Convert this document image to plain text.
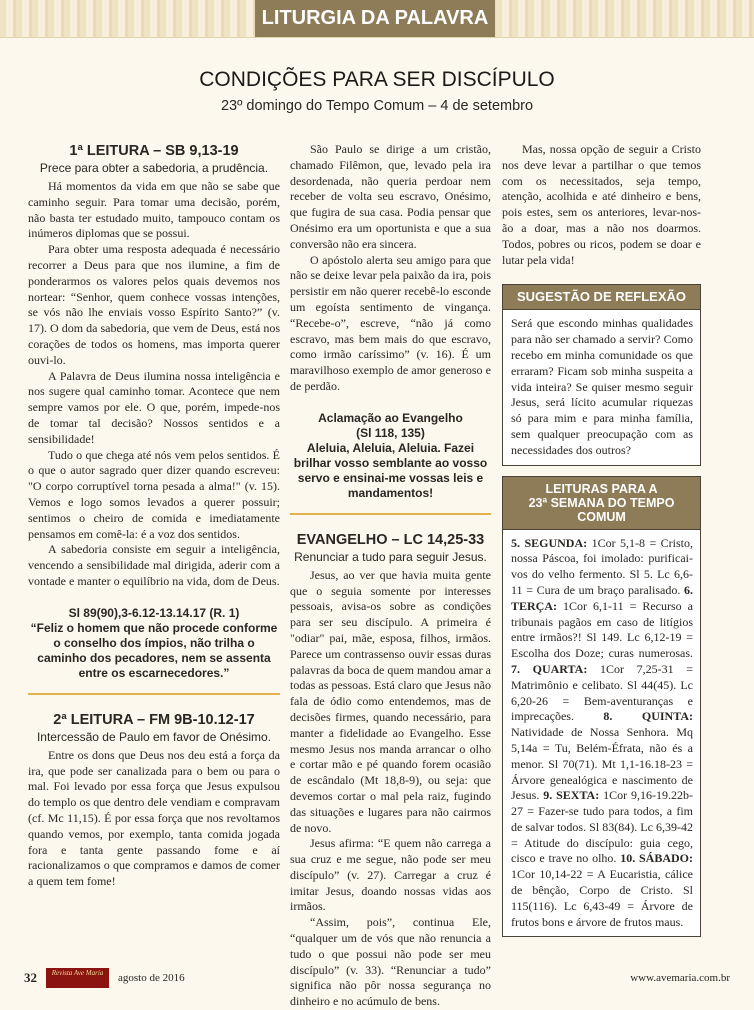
LITURGIA DA PALAVRA
CONDIÇÕES PARA SER DISCÍPULO
23º domingo do Tempo Comum – 4 de setembro
1ª LEITURA – SB 9,13-19
Prece para obter a sabedoria, a prudência.

Há momentos da vida em que não se sabe que caminho seguir. Para tomar uma decisão, porém, não basta ter estudado muito, tampouco contam os inúmeros diplomas que se possui.

Para obter uma resposta adequada é necessário recorrer a Deus para que nos ilumine, a fim de ponderarmos os valores pelos quais devemos nos nortear: “Senhor, quem conhece vossas intenções, se vós não lhe enviais vosso Espírito Santo?” (v. 17). O dom da sabedoria, que vem de Deus, está nos corações de todos os homens, mas importa querer ouvi-lo.

A Palavra de Deus ilumina nossa inteligência e nos sugere qual caminho tomar. Acontece que nem sempre vamos por ele. O que, porém, impede-nos de tomar tal decisão? Nossos sentidos e a sensibilidade!

Tudo o que chega até nós vem pelos sentidos. É o que o autor sagrado quer dizer quando escreveu: "O corpo corruptível torna pesada a alma!" (v. 15). Vemos e logo somos levados a querer possuir; sentimos o cheiro de comida e imediatamente pensamos em comê-la: é a voz dos sentidos.

A sabedoria consiste em seguir a inteligência, vencendo a sensibilidade mal dirigida, aderir com a vontade e manter o equilíbrio na vida, dom de Deus.

Sl 89(90),3-6.12-13.14.17 (R. 1)
“Feliz o homem que não procede conforme o conselho dos ímpios, não trilha o caminho dos pecadores, nem se assenta entre os escarnecedores.”
2ª LEITURA – FM 9B-10.12-17
Intercessão de Paulo em favor de Onésimo.

Entre os dons que Deus nos deu está a força da ira, que pode ser canalizada para o bem ou para o mal. Foi levado por essa força que Jesus expulsou do templo os que dentro dele vendiam e compravam (cf. Mc 11,15). É por essa força que nos revoltamos quando vemos, por exemplo, tanta comida jogada fora e tanta gente passando fome e aí racionalizamos o que compramos e damos de comer a quem tem fome!

São Paulo se dirige a um cristão, chamado Filêmon, que, levado pela ira desordenada, não queria perdoar nem receber de volta seu escravo, Onésimo, que fugira de sua casa. Podia pensar que Onésimo era um oportunista e que a sua conversão não era sincera.

O apóstolo alerta seu amigo para que não se deixe levar pela paixão da ira, pois persistir em não querer recebê-lo esconde um egoísta sentimento de vingança. “Recebe-o”, escreve, “não já como escravo, mas bem mais do que escravo, como irmão caríssimo” (v. 16). É um maravilhoso exemplo de amor generoso e de perdão.

Aclamação ao Evangelho
(Sl 118, 135)
Aleluia, Aleluia, Aleluia. Fazei brilhar vosso semblante ao vosso servo e ensinai-me vossas leis e mandamentos!
EVANGELHO – LC 14,25-33
Renunciar a tudo para seguir Jesus.

Jesus, ao ver que havia muita gente que o seguia somente por interesses pessoais, avisa-os sobre as condições para ser seu discípulo. A primeira é "odiar" pai, mãe, esposa, filhos, irmãos. Parece um contrassenso ouvir essas duras palavras da boca de quem mandou amar a todas as pessoas. Está claro que Jesus não fala de ódio como entendemos, mas de decisões firmes, quando necessário, para manter a fidelidade ao Evangelho. Esse mesmo Jesus nos manda arrancar o olho e cortar mão e pé quando forem ocasião de escândalo (Mt 18,8-9), ou seja: que devemos cortar o mal pela raiz, fugindo das situações e lugares para não cairmos de novo.

Jesus afirma: “E quem não carrega a sua cruz e me segue, não pode ser meu discípulo” (v. 27). Carregar a cruz é imitar Jesus, doando nossas vidas aos irmãos.

“Assim, pois”, continua Ele, “qualquer um de vós que não renuncia a tudo o que possui não pode ser meu discípulo” (v. 33). “Renunciar a tudo” significa não pôr nossa segurança no dinheiro e no acúmulo de bens.

Mas, nossa opção de seguir a Cristo nos deve levar a partilhar o que temos com os necessitados, seja tempo, atenção, acolhida e até dinheiro e bens, pois estes, sem os anteriores, levar-nos-ão a doar, mas a não nos doarmos. Todos, pobres ou ricos, podem se doar e lutar pela vida!

SUGESTÃO DE REFLEXÃO
Será que escondo minhas qualidades para não ser chamado a servir? Como recebo em minha comunidade os que erraram? Ficam sob minha suspeita a vida inteira? Se quiser mesmo seguir Jesus, será lícito acumular riquezas só para mim e para minha família, sem qualquer preocupação com as necessidades dos outros?
LEITURAS PARA A
23ª SEMANA DO TEMPO COMUM
5. SEGUNDA: 1Cor 5,1-8 = Cristo, nossa Páscoa, foi imolado: purificai-vos do velho fermento. Sl 5. Lc 6,6-11 = Cura de um braço paralisado. 6. TERÇA: 1Cor 6,1-11 = Recurso a tribunais pagãos em caso de litígios entre irmãos?! Sl 149. Lc 6,12-19 = Escolha dos Doze; curas numerosas. 7. QUARTA: 1Cor 7,25-31 = Matrimônio e celibato. Sl 44(45). Lc 6,20-26 = Bem-aventuranças e imprecações. 8. QUINTA: Natividade de Nossa Senhora. Mq 5,14a = Tu, Belém-Éfrata, não és a menor. Sl 70(71). Mt 1,1-16.18-23 = Árvore genealógica e nascimento de Jesus. 9. SEXTA: 1Cor 9,16-19.22b-27 = Fazer-se tudo para todos, a fim de salvar todos. Sl 83(84). Lc 6,39-42 = Atitude do discípulo: guia cego, cisco e trave no olho. 10. SÁBADO: 1Cor 10,14-22 = A Eucaristia, cálice de bênção, Corpo de Cristo. Sl 115(116). Lc 6,43-49 = Árvore de frutos bons e árvore de frutos maus.
32	Revista Ave Maria	agosto de 2016	www.avemaria.com.br
